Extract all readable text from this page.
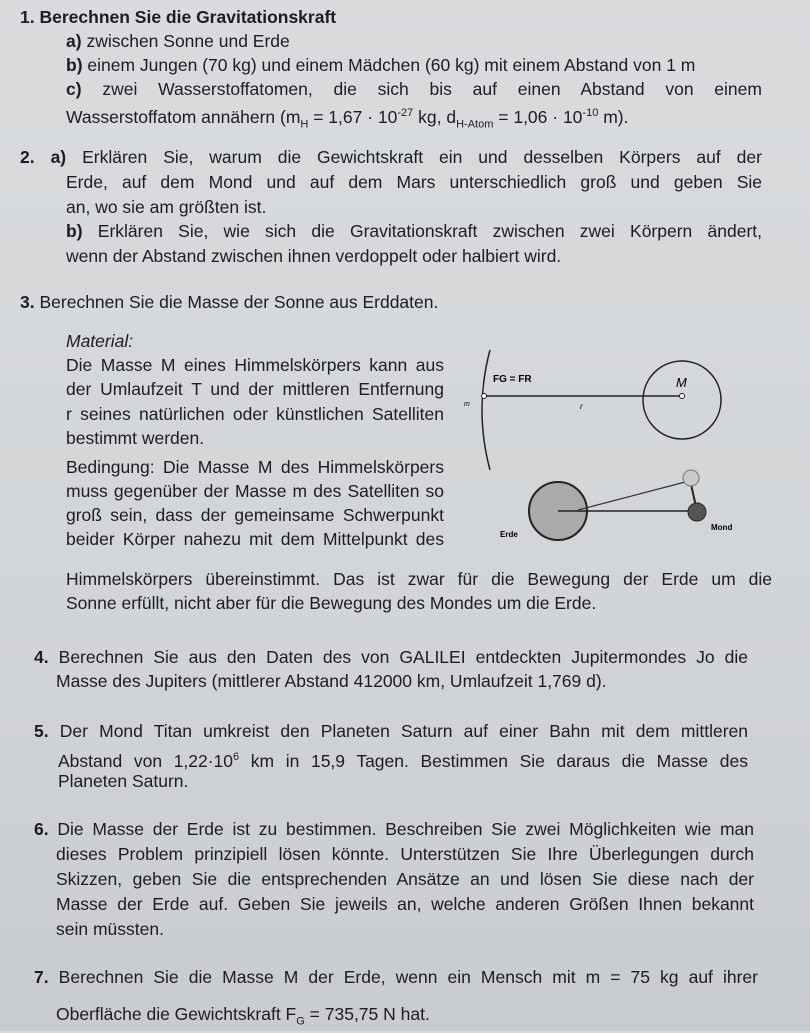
1. Berechnen Sie die Gravitationskraft
a) zwischen Sonne und Erde
b) einem Jungen (70 kg) und einem Mädchen (60 kg) mit einem Abstand von 1 m
c) zwei Wasserstoffatomen, die sich bis auf einen Abstand von einem
Wasserstoffatom annähern ($m_H = 1,67 \cdot 10^{-27}$ kg, $d_{H-Atom} = 1,06 \cdot 10^{-10}$ m).
2. a) Erklären Sie, warum die Gewichtskraft ein und desselben Körpers auf der
Erde, auf dem Mond und auf dem Mars unterschiedlich groß und geben Sie
an, wo sie am größten ist.
b) Erklären Sie, wie sich die Gravitationskraft zwischen zwei Körpern ändert,
wenn der Abstand zwischen ihnen verdoppelt oder halbiert wird.
3. Berechnen Sie die Masse der Sonne aus Erddaten.
Material:
Die Masse M eines Himmelskörpers kann aus
der Umlaufzeit T und der mittleren Entfernung
r seines natürlichen oder künstlichen Satelliten
bestimmt werden.
Bedingung: Die Masse M des Himmelskörpers
muss gegenüber der Masse m des Satelliten so
groß sein, dass der gemeinsame Schwerpunkt
beider Körper nahezu mit dem Mittelpunkt des
Himmelskörpers übereinstimmt. Das ist zwar für die Bewegung der Erde um die
Sonne erfüllt, nicht aber für die Bewegung des Mondes um die Erde.
FG = FR
m	r
M
Erde
Mond
4. Berechnen Sie aus den Daten des von GALILEI entdeckten Jupitermondes Jo die
Masse des Jupiters (mittlerer Abstand 412000 km, Umlaufzeit 1,769 d).
5. Der Mond Titan umkreist den Planeten Saturn auf einer Bahn mit dem mittleren
Abstand von $1,22\cdot 10^6$ km in 15,9 Tagen. Bestimmen Sie daraus die Masse des
Planeten Saturn.
6. Die Masse der Erde ist zu bestimmen. Beschreiben Sie zwei Möglichkeiten wie man
dieses Problem prinzipiell lösen könnte. Unterstützen Sie Ihre Überlegungen durch
Skizzen, geben Sie die entsprechenden Ansätze an und lösen Sie diese nach der
Masse der Erde auf. Geben Sie jeweils an, welche anderen Größen Ihnen bekannt
sein müssten.
7. Berechnen Sie die Masse M der Erde, wenn ein Mensch mit m = 75 kg auf ihrer
Oberfläche die Gewichtskraft $F_G = 735,75$ N hat.
